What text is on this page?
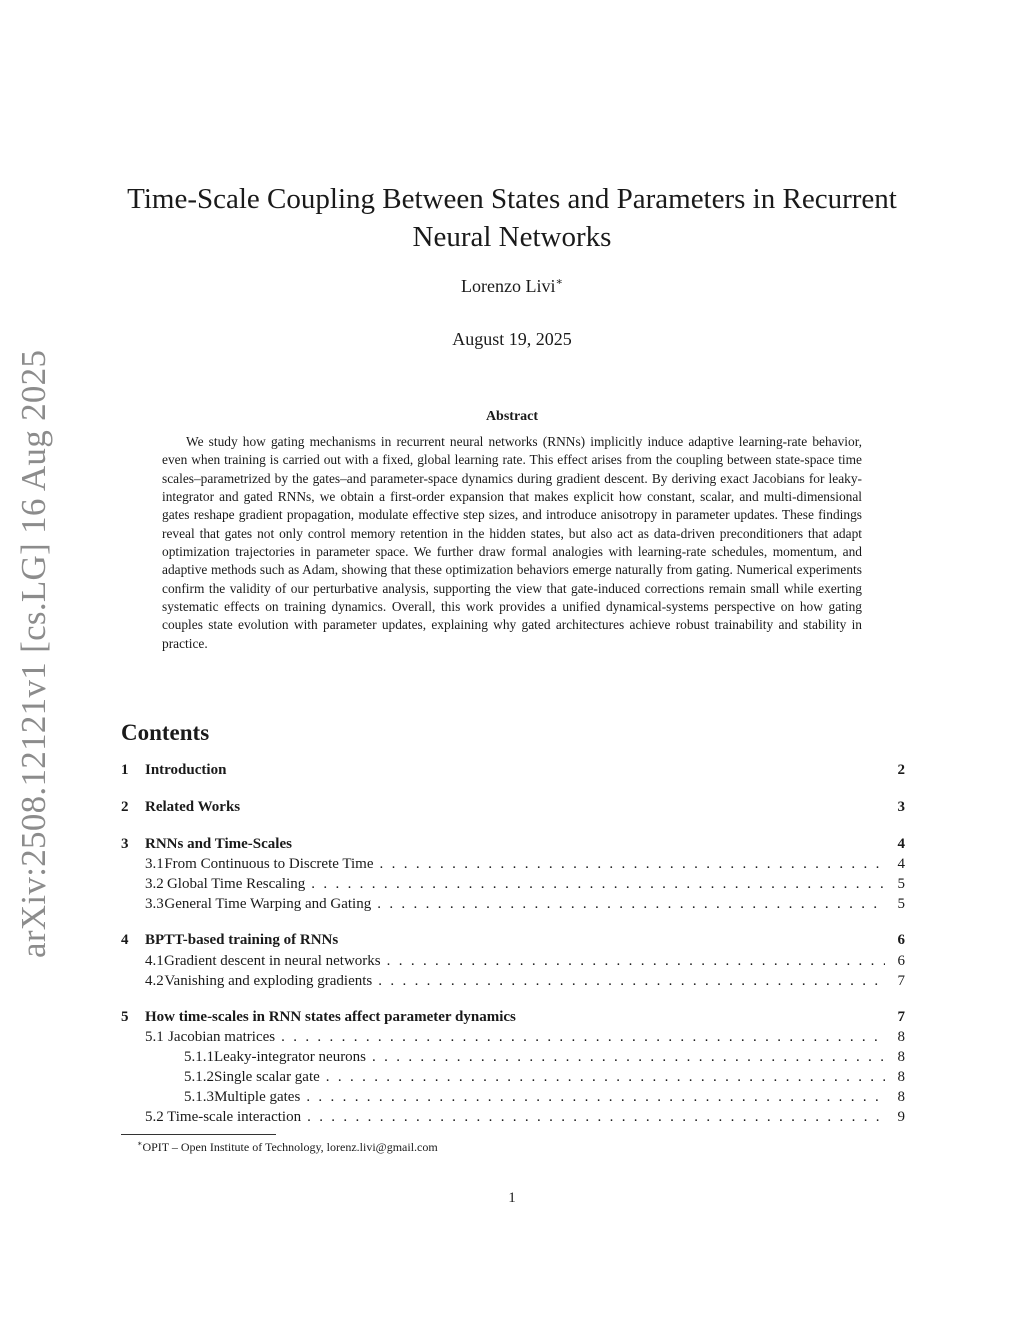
arXiv:2508.12121v1 [cs.LG] 16 Aug 2025
Time-Scale Coupling Between States and Parameters in Recurrent
Neural Networks
Lorenzo Livi∗
August 19, 2025
Abstract

We study how gating mechanisms in recurrent neural networks (RNNs) implicitly induce adaptive learning-rate behavior, even when training is carried out with a fixed, global learning rate. This effect arises from the coupling between state-space time scales–parametrized by the gates–and parameter-space dynamics during gradient descent. By deriving exact Jacobians for leaky-integrator and gated RNNs, we obtain a first-order expansion that makes explicit how constant, scalar, and multi-dimensional gates reshape gradient propagation, modulate effective step sizes, and introduce anisotropy in parameter updates. These findings reveal that gates not only control memory retention in the hidden states, but also act as data-driven preconditioners that adapt optimization trajectories in parameter space. We further draw formal analogies with learning-rate schedules, momentum, and adaptive methods such as Adam, showing that these optimization behaviors emerge naturally from gating. Numerical experiments confirm the validity of our perturbative analysis, supporting the view that gate-induced corrections remain small while exerting systematic effects on training dynamics. Overall, this work provides a unified dynamical-systems perspective on how gating couples state evolution with parameter updates, explaining why gated architectures achieve robust trainability and stability in practice.

Contents
1	Introduction	2
2	Related Works	3
3	RNNs and Time-Scales	4
3.1 From Continuous to Discrete Time . . .	4
3.2 Global Time Rescaling . . .	5
3.3 General Time Warping and Gating . . .	5
4	BPTT-based training of RNNs	6
4.1 Gradient descent in neural networks . . .	6
4.2 Vanishing and exploding gradients . . .	7
5	How time-scales in RNN states affect parameter dynamics	7
5.1 Jacobian matrices . . .	8
5.1.1 Leaky-integrator neurons . . .	8
5.1.2 Single scalar gate . . .	8
5.1.3 Multiple gates . . .	8
5.2 Time-scale interaction . . .	9
∗OPIT – Open Institute of Technology, lorenz.livi@gmail.com
1
